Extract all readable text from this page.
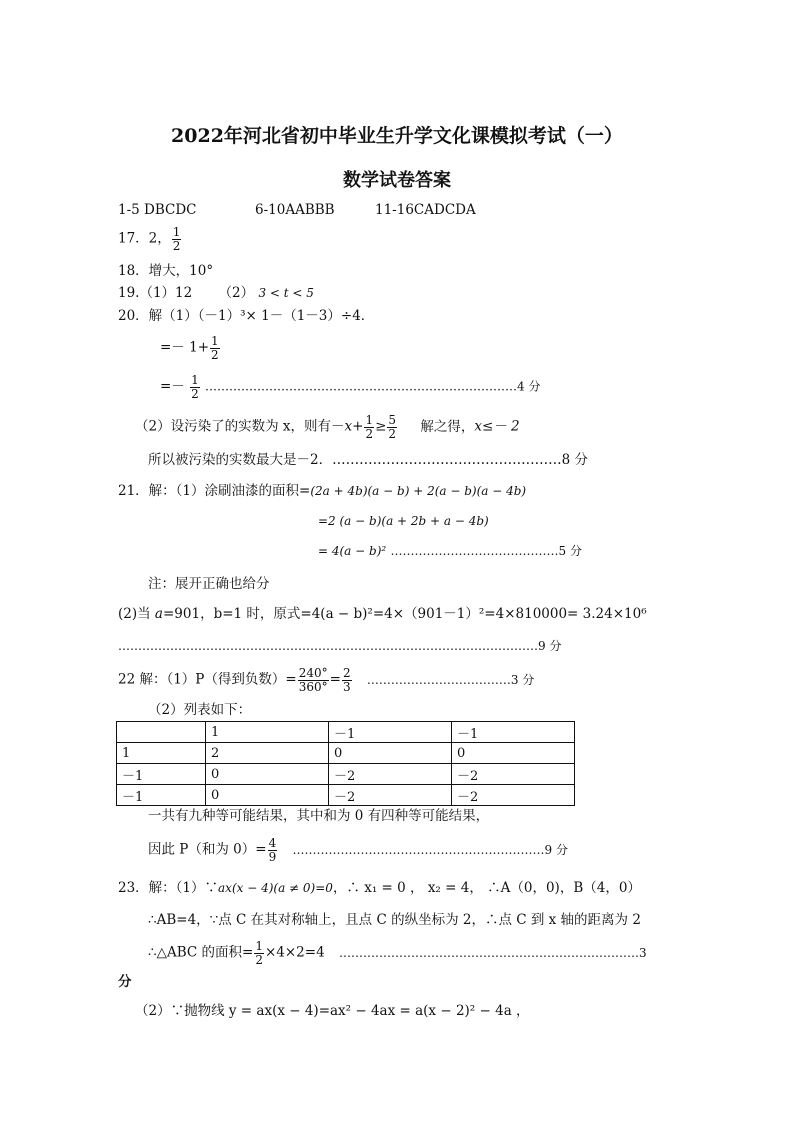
2022年河北省初中毕业生升学文化课模拟考试（一）
数学试卷答案
1-5 DBCDC	6-10AABBB	11-16CADCDA
17．2， $\frac{1}{2}$
18．增大，10°
19.（1）12 （2） 3 < t < 5
20．解（1）（－1）³× 1－（1－3）÷4．
=－ $1+ \frac{1}{2}$
=－ $\frac{1}{2}$ ……………………………………………………………………4 分
（2）设污染了的实数为 x，则有$-x+ \frac{1}{2} \ge \frac{5}{2}$ 解之得，x≤－ 2
所以被污染的实数最大是－2．……………………………………………8 分
21．解：（1）涂刷油漆的面积=(2a + 4b)(a − b) + 2(a − b)(a − 4b)
=2 (a − b)(a + 2b + a − 4b)
= 4(a − b)² ……………………………………5 分
注：展开正确也给分
(2)当 a=901，b=1 时，原式=4(a − b)²=4×（901－1）²=4×810000= 3.24×10⁶
……………………………………………………………………………………………9 分
22 解：（1）P（得到负数）= $\frac{240^\circ}{360^\circ} = \frac{2}{3}$ ………………………………3 分
（2）列表如下：
	1	－1	－1
1	2	0	0
－1	0	－2	－2
－1	0	－2	－2
一共有九种等可能结果，其中和为 0 有四种等可能结果，
因此 P（和为 $0)= \frac{4}{9}$ ………………………………………………………9 分
23．解：（1）∵ax(x − 4)(a ≠ 0)=0，∴ x₁ = 0 ， x₂ = 4， ∴A（0，0)，B（4，0）
∴AB=4，∵点 C 在其对称轴上，且点 C 的纵坐标为 2，∴点 C 到 x 轴的距离为 2
∴△ABC 的面积= $\frac{1}{2} \times 4\times 2=4$ …………………………………………………………………3
分
（2）∵抛物线 y = ax(x − 4)=ax² − 4ax = a(x − 2)² − 4a ，
